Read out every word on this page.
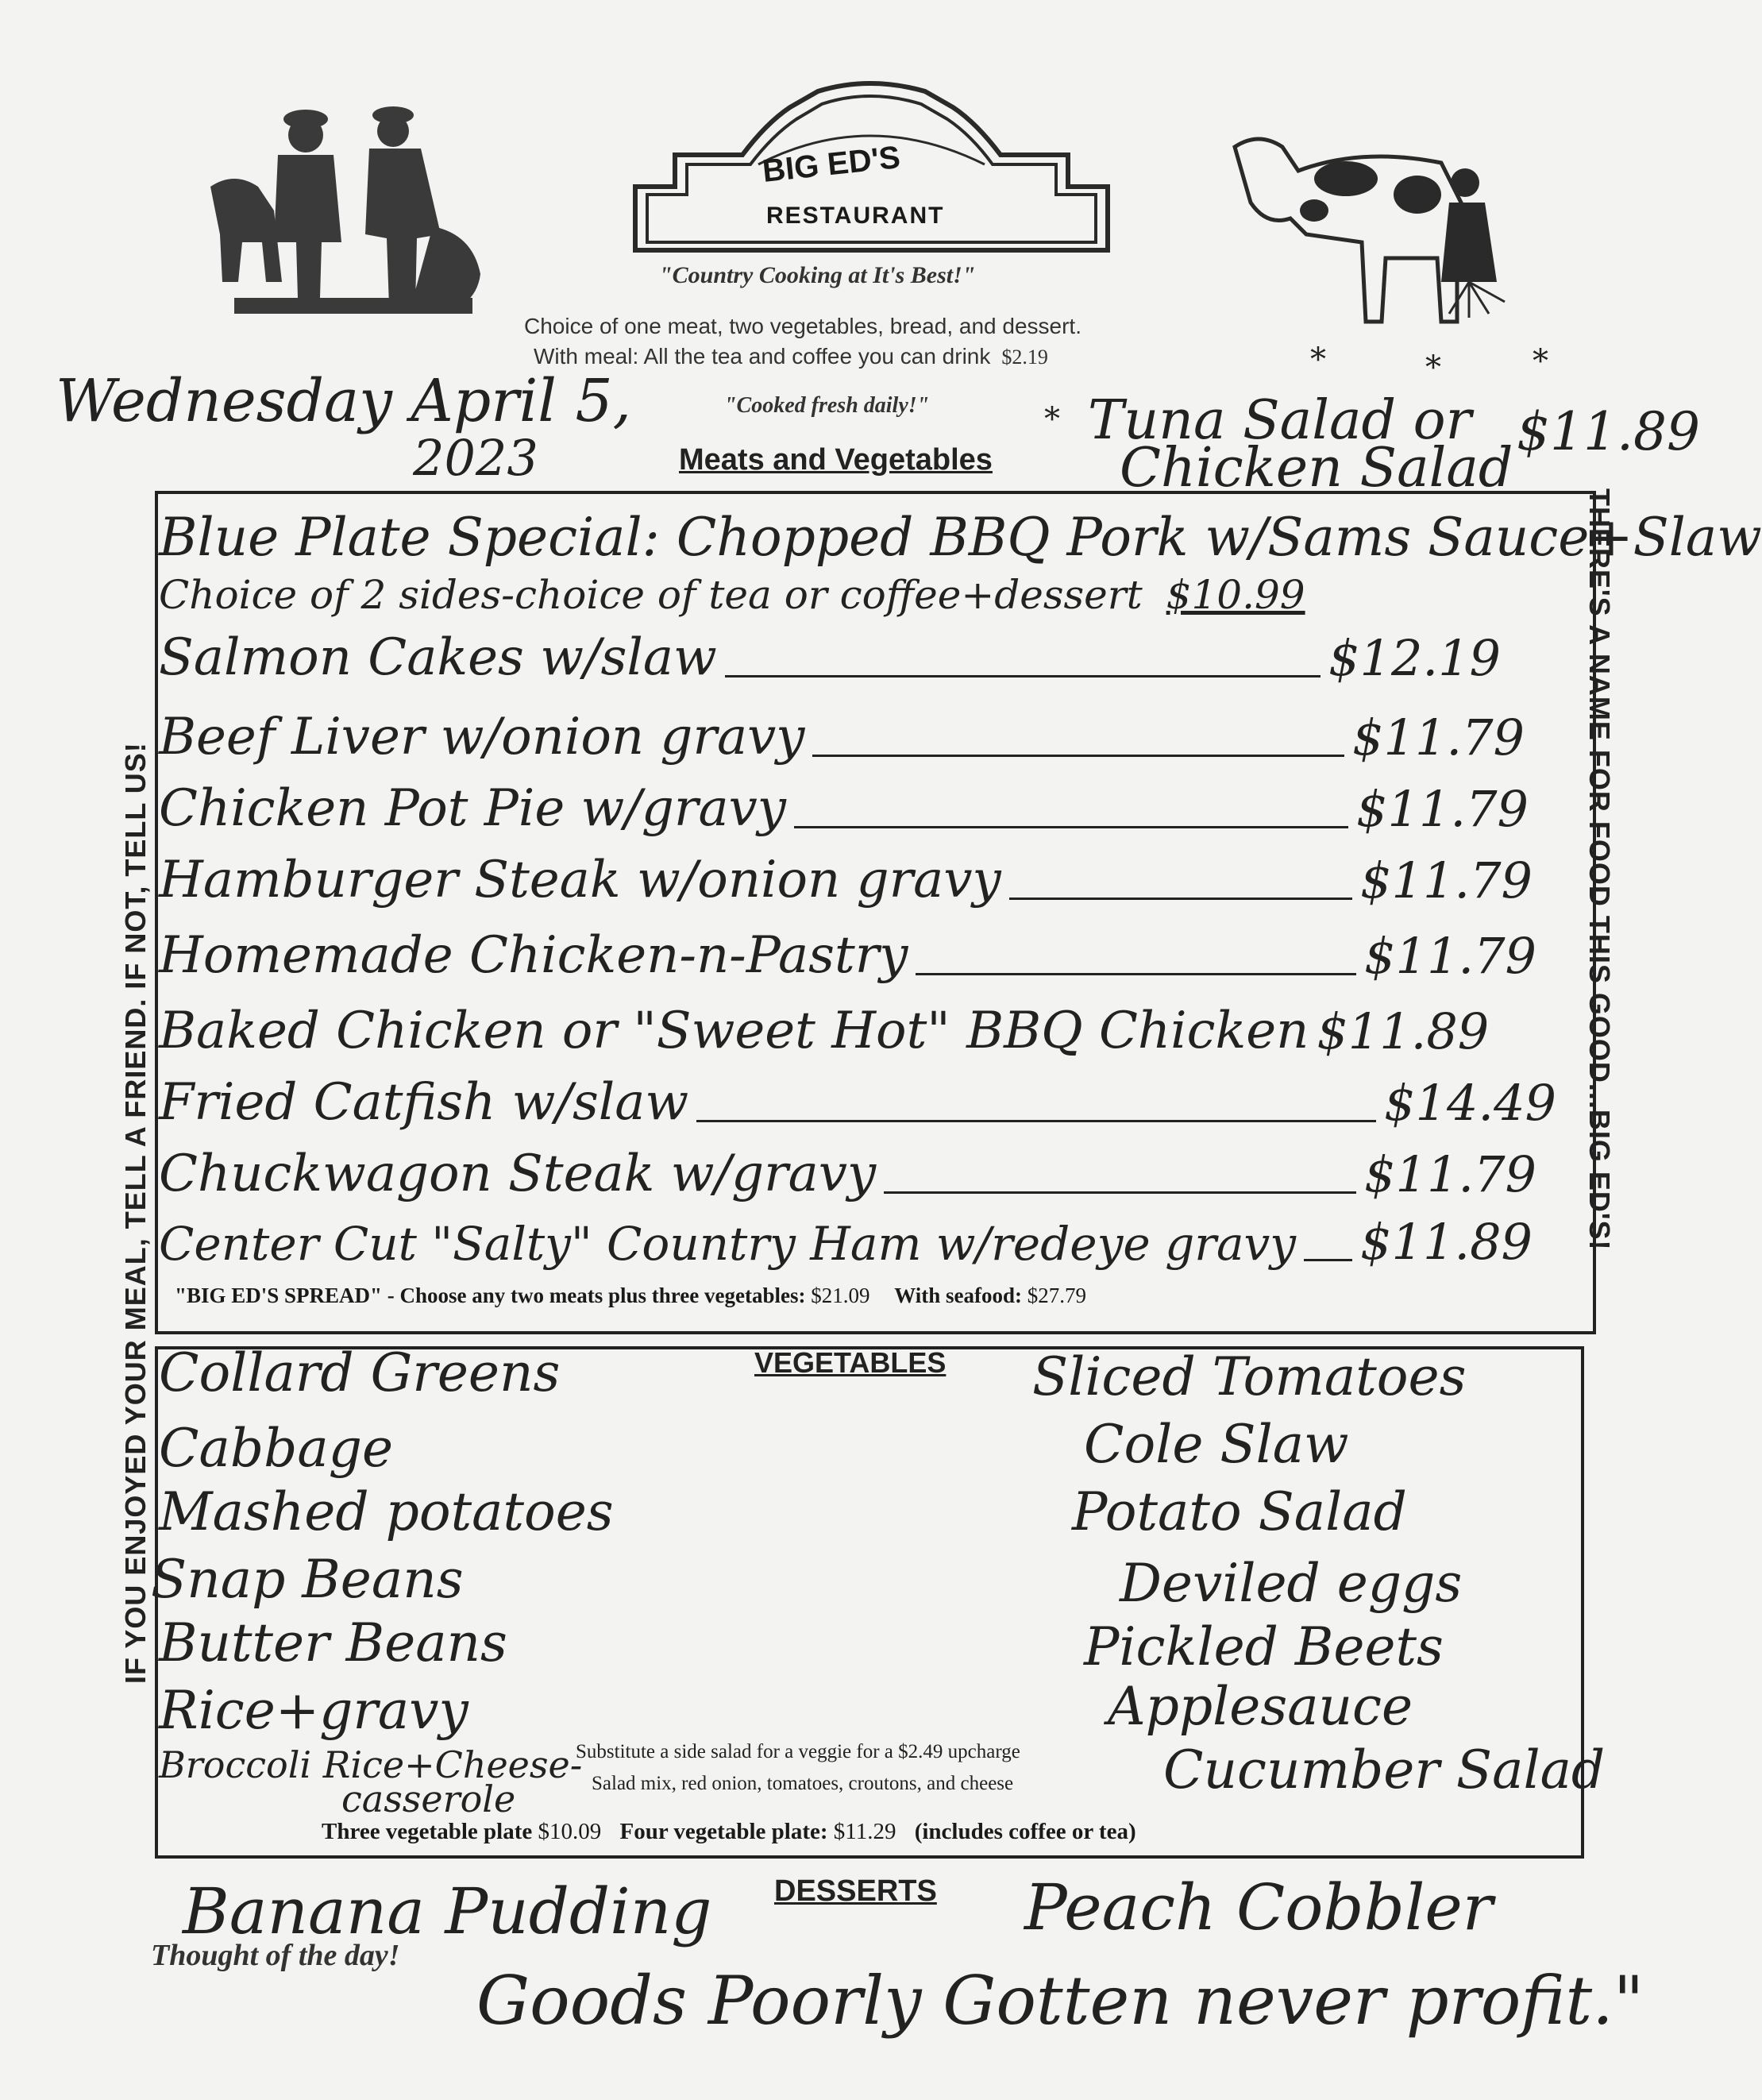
BIG ED'S
RESTAURANT
"Country Cooking at It's Best!"
Choice of one meat, two vegetables, bread, and dessert.
With meal: All the tea and coffee you can drink $2.19
"Cooked fresh daily!"
Wednesday April 5,
2023
*
*	*	*
Tuna Salad or
Chicken Salad
$11.89
Meats and Vegetables
Blue Plate Special: Chopped BBQ Pork w/Sams Sauce+Slaw
Choice of 2 sides-choice of tea or coffee+dessert $10.99
Salmon Cakes w/slaw	$12.19
Beef Liver w/onion gravy	$11.79
Chicken Pot Pie w/gravy	$11.79
Hamburger Steak w/onion gravy	$11.79
Homemade Chicken-n-Pastry	$11.79
Baked Chicken or "Sweet Hot" BBQ Chicken $11.89
Fried Catfish w/slaw	$14.49
Chuckwagon Steak w/gravy	$11.79
Center Cut "Salty" Country Ham w/redeye gravy $11.89
"BIG ED'S SPREAD" - Choose any two meats plus three vegetables: $21.09 With seafood: $27.79
VEGETABLES
Collard Greens
Cabbage
Mashed potatoes
Snap Beans
Butter Beans
Rice+gravy
Broccoli Rice+Cheese-
casserole
Sliced Tomatoes
Cole Slaw
Potato Salad
Deviled eggs
Pickled Beets
Applesauce
Cucumber Salad
Substitute a side salad for a veggie for a $2.49 upcharge
Salad mix, red onion, tomatoes, croutons, and cheese
Three vegetable plate $10.09 Four vegetable plate: $11.29 (includes coffee or tea)
DESSERTS
Banana Pudding	Peach Cobbler
Thought of the day!
Goods Poorly Gotten never profit."
IF YOU ENJOYED YOUR MEAL, TELL A FRIEND. IF NOT, TELL US!	THERE'S A NAME FOR FOOD THIS GOOD...BIG ED'S!
